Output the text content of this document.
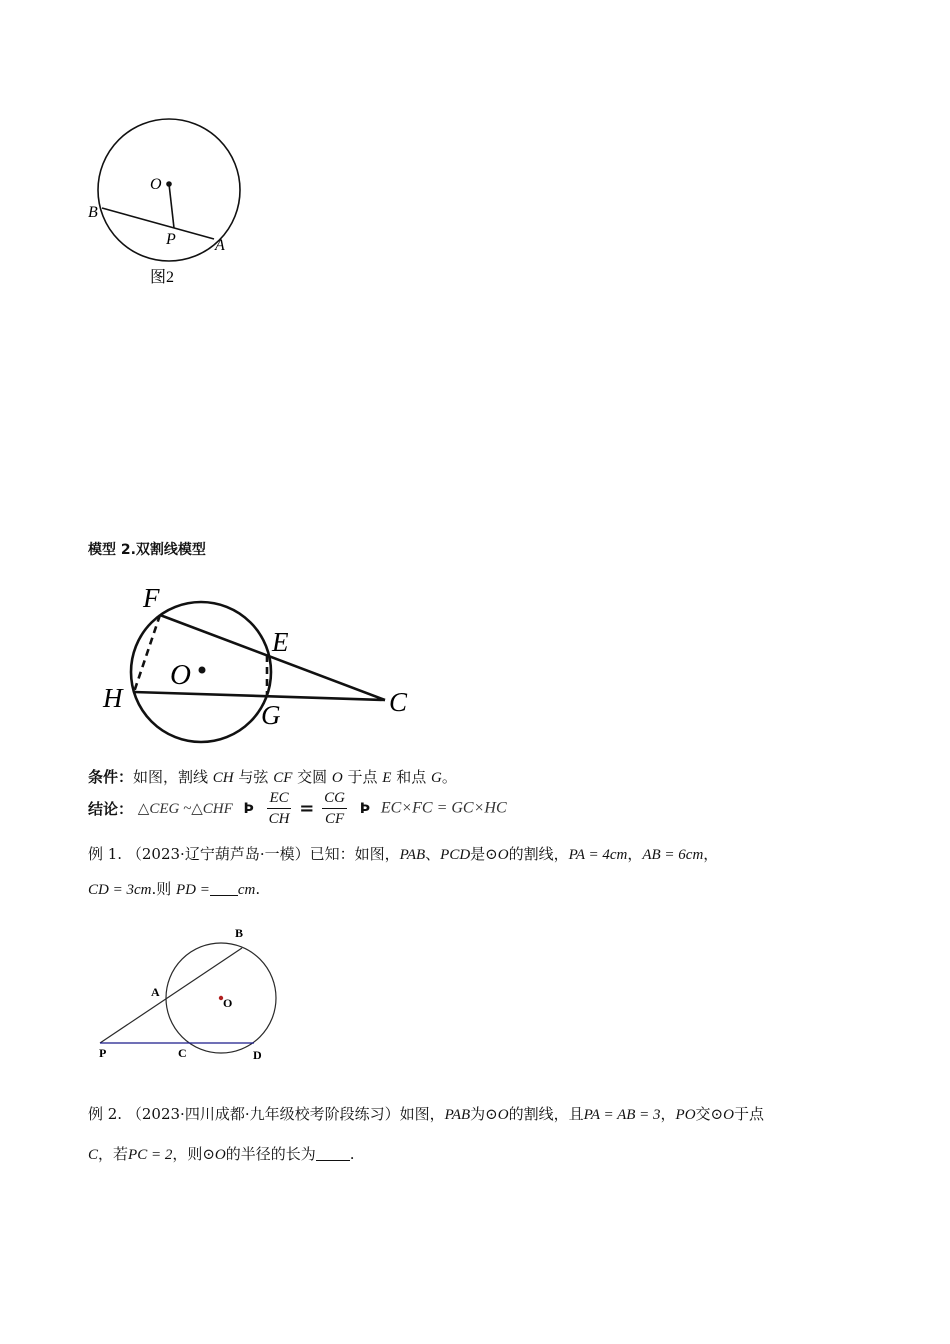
O
B
P A
图2
模型 2.双割线模型
F
E
O
H
G	C
条件：如图，割线 CH 与弦 CF 交圆 O 于点 E 和点 G。
结论： △CEG ~△CHF Þ $\frac{EC}{CH} = \frac{CG}{CF}$ Þ EC×FC = GC×HC
例 1. （2023·辽宁葫芦岛·一模）已知：如图，PAB、PCD是⊙O的割线，PA = 4cm，AB = 6cm，
CD = 3cm.则 PD = cm.
B
A
O
P	C	D
例 2. （2023·四川成都·九年级校考阶段练习）如图，PAB为⊙O的割线，且PA = AB = 3，PO交⊙O于点
C，若PC = 2，则⊙O的半径的长为 .
